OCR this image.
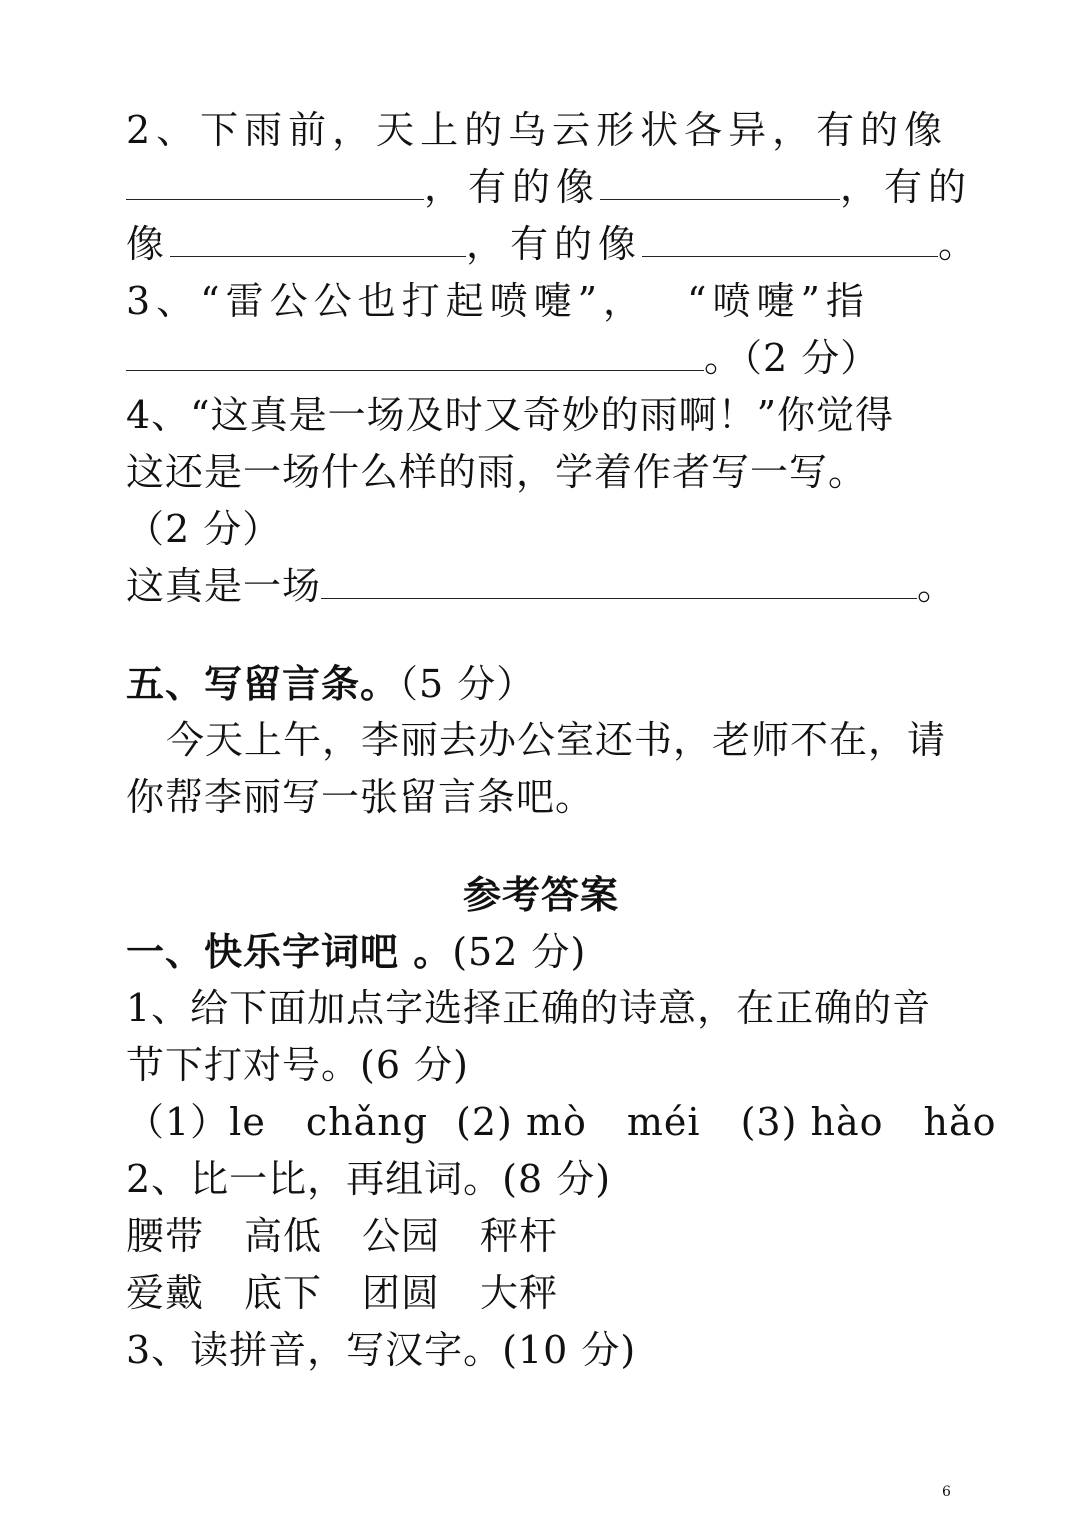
2、下雨前，天上的乌云形状各异，有的像
，有的像	，有的
像	，有的像	。
3、“雷公公也打起喷嚏”， “喷嚏”指
。（2 分）
4、“这真是一场及时又奇妙的雨啊！”你觉得
这还是一场什么样的雨，学着作者写一写。
（2 分）
这真是一场	。
五、写留言条。（5 分）
今天上午，李丽去办公室还书，老师不在，请
你帮李丽写一张留言条吧。
参考答案
一、快乐字词吧 。(52 分)
1、给下面加点字选择正确的诗意，在正确的音
节下打对号。(6 分)
（1）le chǎng (2) mò méi (3) hào hǎo
2、比一比，再组词。(8 分)
腰带 高低 公园 秤杆
爱戴 底下 团圆 大秤
3、读拼音，写汉字。(10 分)
6
